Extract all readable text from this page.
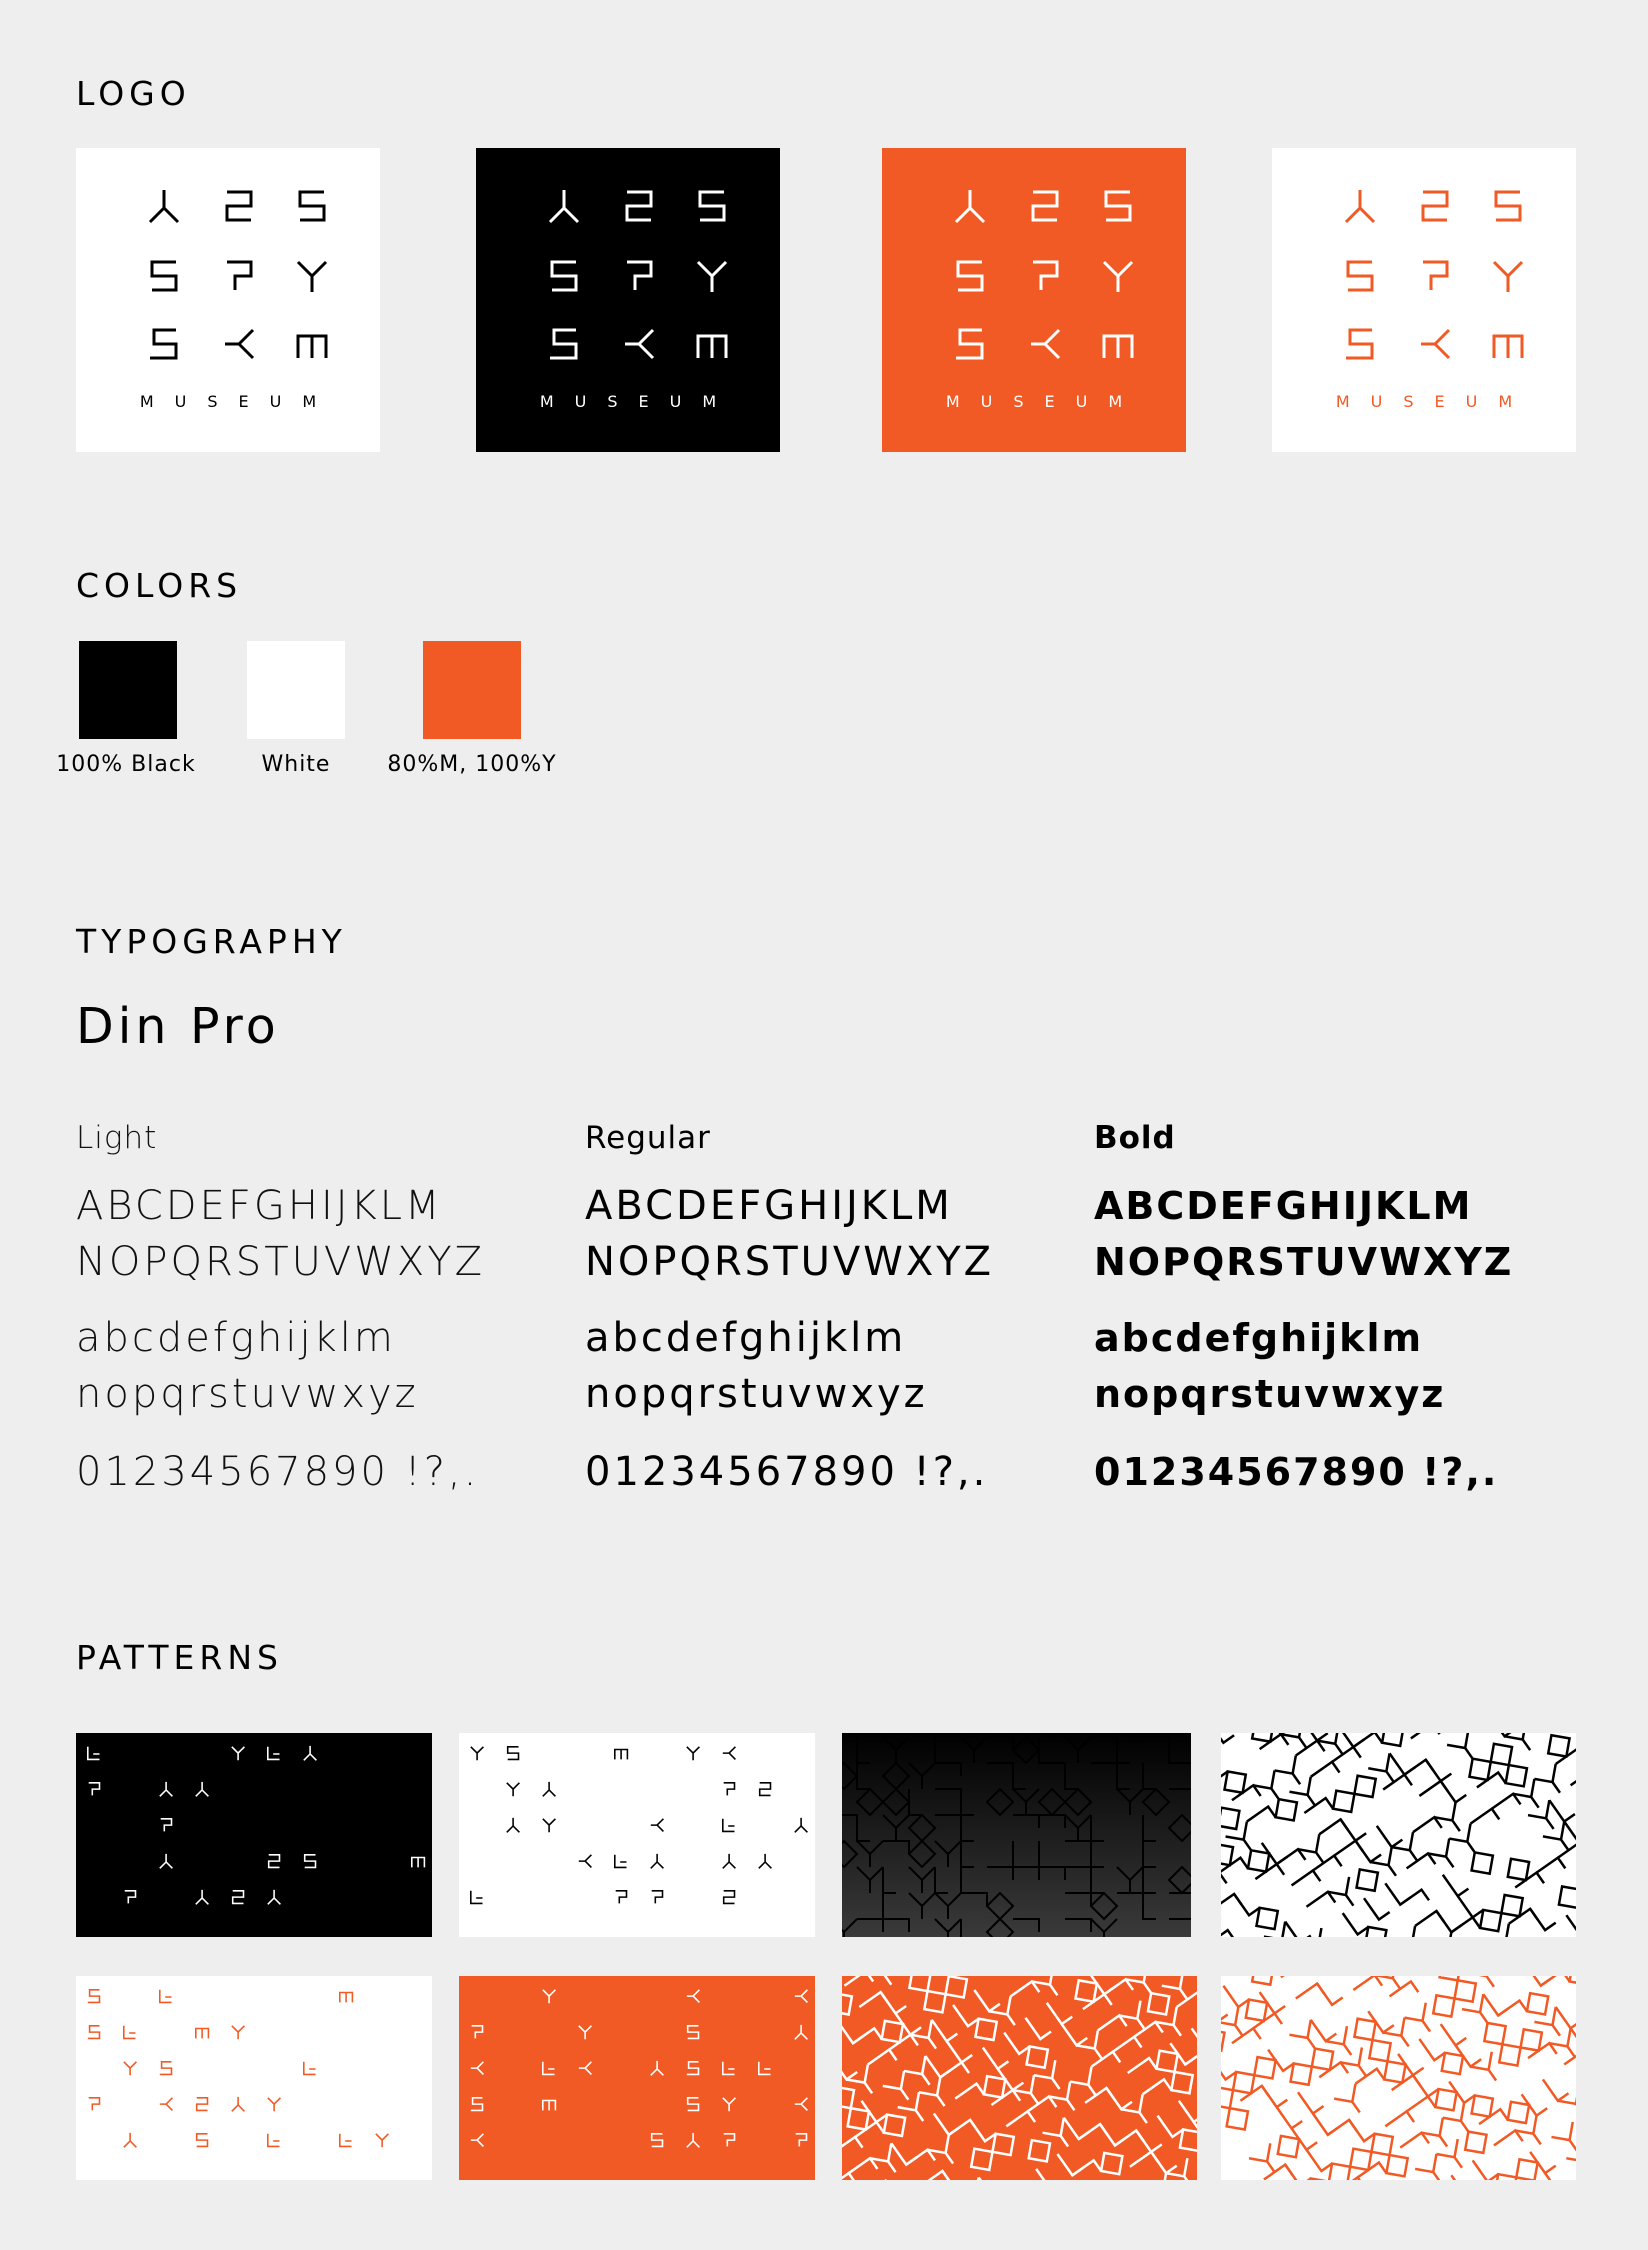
LOGO
MUSEUM	MUSEUM	MUSEUM	MUSEUM
COLORS
100% Black	White	80%M, 100%Y
TYPOGRAPHY
Din Pro
Light
ABCDEFGHIJKLM
NOPQRSTUVWXYZ
abcdefghijklm
nopqrstuvwxyz
01234567890 !?,.
Regular
ABCDEFGHIJKLM
NOPQRSTUVWXYZ
abcdefghijklm
nopqrstuvwxyz
01234567890 !?,.
Bold
ABCDEFGHIJKLM
NOPQRSTUVWXYZ
abcdefghijklm
nopqrstuvwxyz
01234567890 !?,.
PATTERNS
